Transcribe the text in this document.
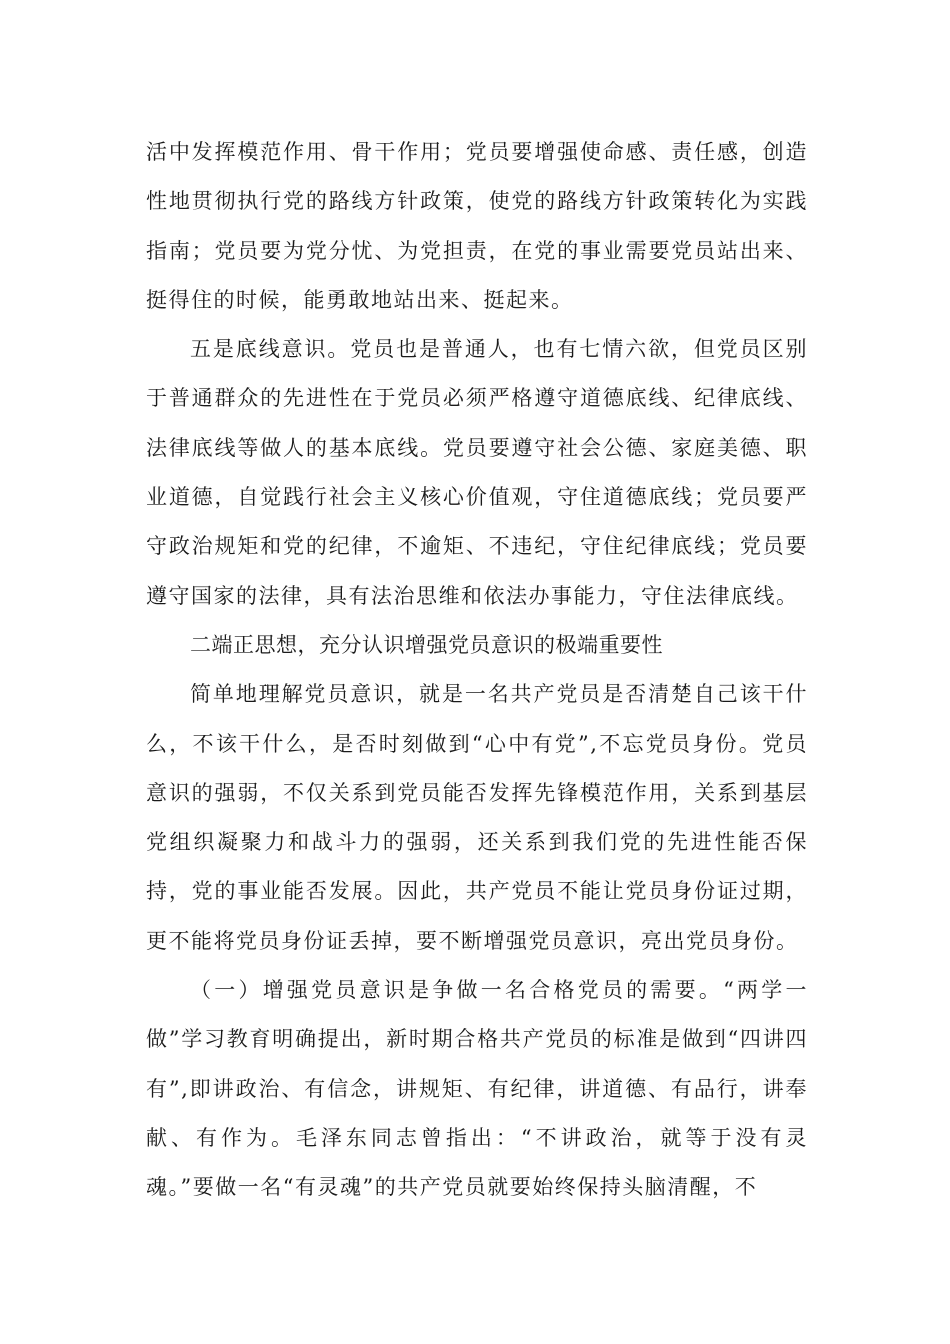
活中发挥模范作用、骨干作用；党员要增强使命感、责任感，创造性地贯彻执行党的路线方针政策，使党的路线方针政策转化为实践指南；党员要为党分忧、为党担责，在党的事业需要党员站出来、挺得住的时候，能勇敢地站出来、挺起来。

五是底线意识。党员也是普通人，也有七情六欲，但党员区别于普通群众的先进性在于党员必须严格遵守道德底线、纪律底线、法律底线等做人的基本底线。党员要遵守社会公德、家庭美德、职业道德，自觉践行社会主义核心价值观，守住道德底线；党员要严守政治规矩和党的纪律，不逾矩、不违纪，守住纪律底线；党员要遵守国家的法律，具有法治思维和依法办事能力，守住法律底线。

二端正思想，充分认识增强党员意识的极端重要性

简单地理解党员意识，就是一名共产党员是否清楚自己该干什么，不该干什么，是否时刻做到“心中有党”,不忘党员身份。党员意识的强弱，不仅关系到党员能否发挥先锋模范作用，关系到基层党组织凝聚力和战斗力的强弱，还关系到我们党的先进性能否保持，党的事业能否发展。因此，共产党员不能让党员身份证过期，更不能将党员身份证丢掉，要不断增强党员意识，亮出党员身份。

（一）增强党员意识是争做一名合格党员的需要。“两学一做”学习教育明确提出，新时期合格共产党员的标准是做到“四讲四有”,即讲政治、有信念，讲规矩、有纪律，讲道德、有品行，讲奉献、有作为。毛泽东同志曾指出：“不讲政治，就等于没有灵魂。”要做一名“有灵魂”的共产党员就要始终保持头脑清醒，不
